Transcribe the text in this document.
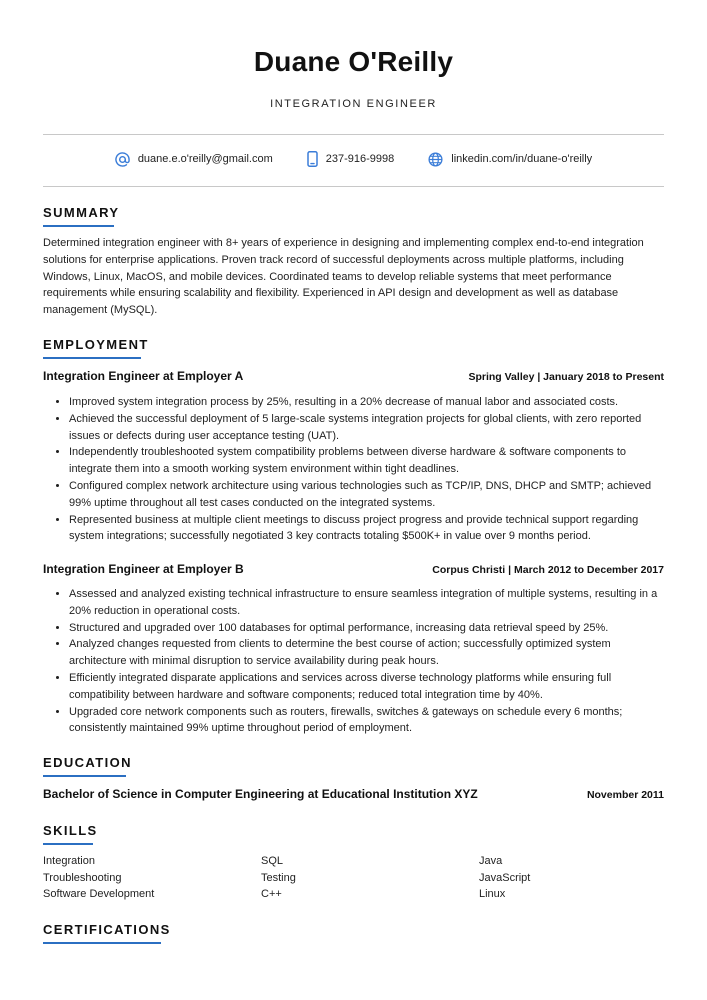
Duane O'Reilly
INTEGRATION ENGINEER
duane.e.o'reilly@gmail.com	237-916-9998	linkedin.com/in/duane-o'reilly
SUMMARY
Determined integration engineer with 8+ years of experience in designing and implementing complex end-to-end integration solutions for enterprise applications. Proven track record of successful deployments across multiple platforms, including Windows, Linux, MacOS, and mobile devices. Coordinated teams to develop reliable systems that meet performance requirements while ensuring scalability and flexibility. Experienced in API design and development as well as database management (MySQL).
EMPLOYMENT
Integration Engineer at Employer A	Spring Valley | January 2018 to Present
• Improved system integration process by 25%, resulting in a 20% decrease of manual labor and associated costs.
• Achieved the successful deployment of 5 large-scale systems integration projects for global clients, with zero reported issues or defects during user acceptance testing (UAT).
• Independently troubleshooted system compatibility problems between diverse hardware & software components to integrate them into a smooth working system environment within tight deadlines.
• Configured complex network architecture using various technologies such as TCP/IP, DNS, DHCP and SMTP; achieved 99% uptime throughout all test cases conducted on the integrated systems.
• Represented business at multiple client meetings to discuss project progress and provide technical support regarding system integrations; successfully negotiated 3 key contracts totaling $500K+ in value over 9 months period.
Integration Engineer at Employer B	Corpus Christi | March 2012 to December 2017
• Assessed and analyzed existing technical infrastructure to ensure seamless integration of multiple systems, resulting in a 20% reduction in operational costs.
• Structured and upgraded over 100 databases for optimal performance, increasing data retrieval speed by 25%.
• Analyzed changes requested from clients to determine the best course of action; successfully optimized system architecture with minimal disruption to service availability during peak hours.
• Efficiently integrated disparate applications and services across diverse technology platforms while ensuring full compatibility between hardware and software components; reduced total integration time by 40%.
• Upgraded core network components such as routers, firewalls, switches & gateways on schedule every 6 months; consistently maintained 99% uptime throughout period of employment.
EDUCATION
Bachelor of Science in Computer Engineering at Educational Institution XYZ	November 2011
SKILLS
Integration	SQL	Java
Troubleshooting	Testing	JavaScript
Software Development	C++	Linux
CERTIFICATIONS
